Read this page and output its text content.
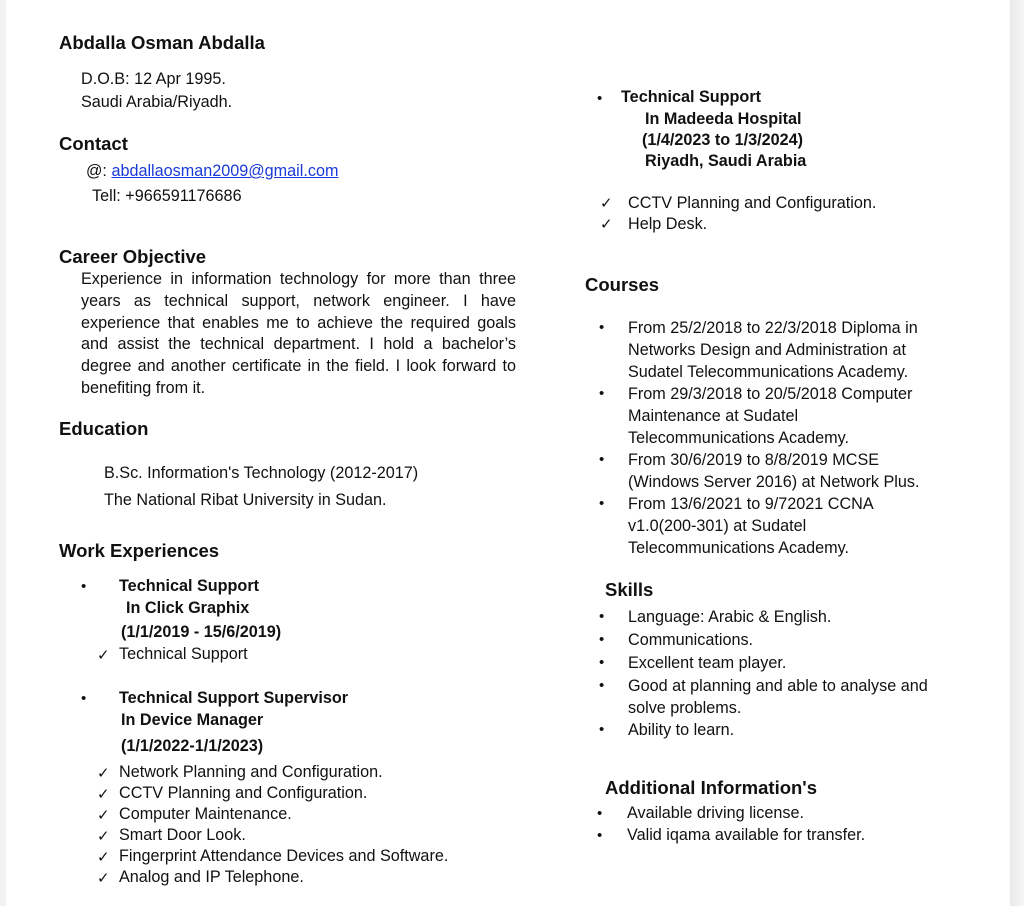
Abdalla Osman Abdalla
D.O.B: 12 Apr 1995.
Saudi Arabia/Riyadh.
Contact
@: abdallaosman2009@gmail.com
Tell: +966591176686
Career Objective
Experience in information technology for more than three years as technical support, network engineer. I have experience that enables me to achieve the required goals and assist the technical department. I hold a bachelor’s degree and another certificate in the field. I look forward to benefiting from it.
Education
B.Sc. Information's Technology (2012-2017)
The National Ribat University in Sudan.
Work Experiences
• Technical Support
In Click Graphix
(1/1/2019 - 15/6/2019)
✓ Technical Support
• Technical Support Supervisor
In Device Manager
(1/1/2022-1/1/2023)
✓ Network Planning and Configuration.
✓ CCTV Planning and Configuration.
✓ Computer Maintenance.
✓ Smart Door Look.
✓ Fingerprint Attendance Devices and Software.
✓ Analog and IP Telephone.
• Technical Support
In Madeeda Hospital
(1/4/2023 to 1/3/2024)
Riyadh, Saudi Arabia
✓ CCTV Planning and Configuration.
✓ Help Desk.
Courses
• From 25/2/2018 to 22/3/2018 Diploma in
Networks Design and Administration at
Sudatel Telecommunications Academy.
• From 29/3/2018 to 20/5/2018 Computer
Maintenance at Sudatel
Telecommunications Academy.
• From 30/6/2019 to 8/8/2019 MCSE
(Windows Server 2016) at Network Plus.
• From 13/6/2021 to 9/72021 CCNA
v1.0(200-301) at Sudatel
Telecommunications Academy.
Skills
• Language: Arabic & English.
• Communications.
• Excellent team player.
• Good at planning and able to analyse and
solve problems.
• Ability to learn.
Additional Information's
• Available driving license.
• Valid iqama available for transfer.
